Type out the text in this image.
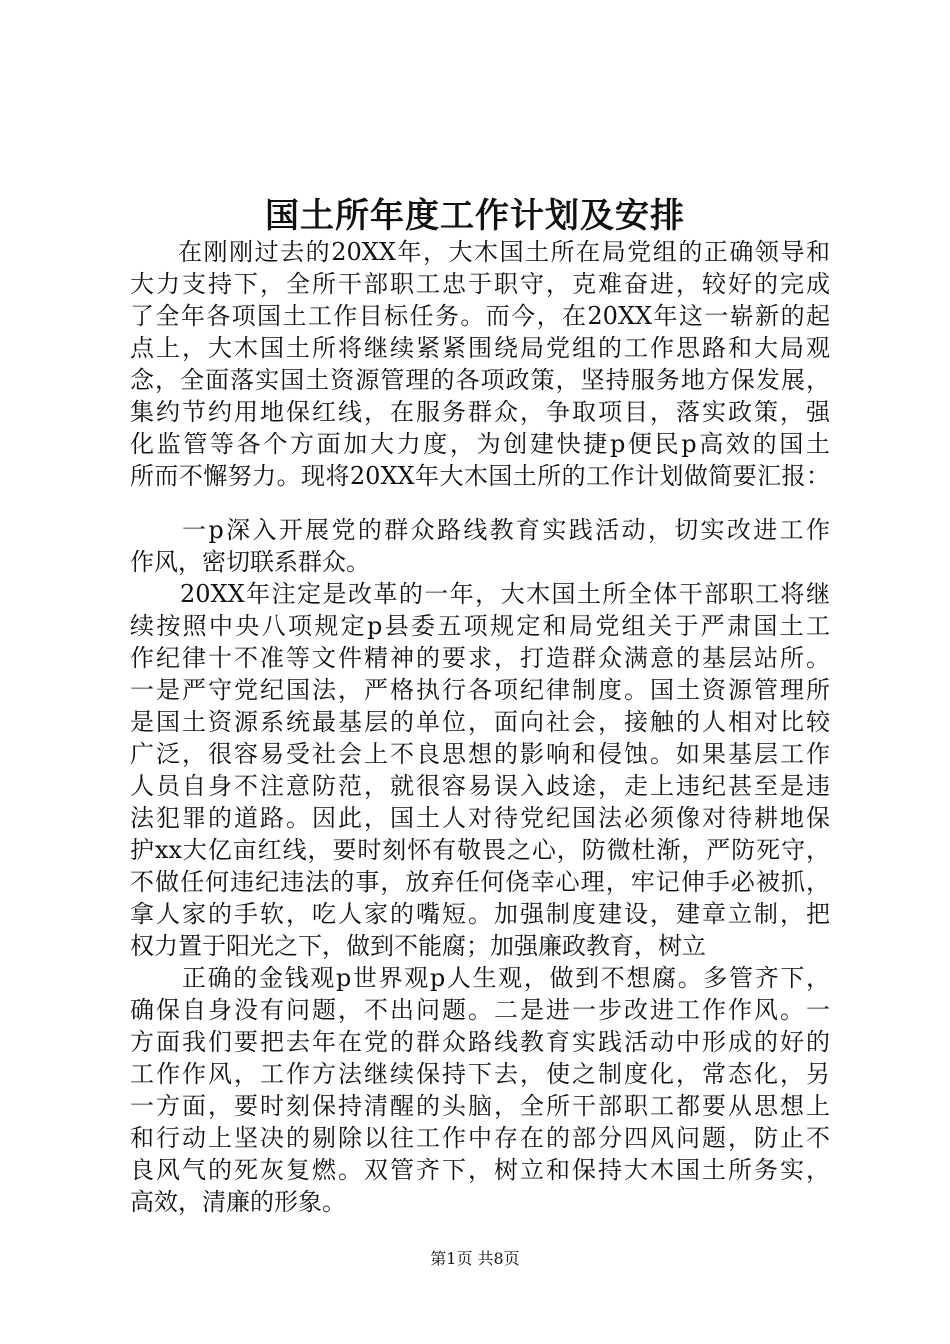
国土所年度工作计划及安排

在刚刚过去的20XX年，大木国土所在局党组的正确领导和

大力支持下，全所干部职工忠于职守，克难奋进，较好的完成

了全年各项国土工作目标任务。而今，在20XX年这一崭新的起

点上，大木国土所将继续紧紧围绕局党组的工作思路和大局观

念，全面落实国土资源管理的各项政策，坚持服务地方保发展，

集约节约用地保红线，在服务群众，争取项目，落实政策，强

化监管等各个方面加大力度，为创建快捷p便民p高效的国土

所而不懈努力。现将20XX年大木国土所的工作计划做简要汇报：

一p深入开展党的群众路线教育实践活动，切实改进工作

作风，密切联系群众。

20XX年注定是改革的一年，大木国土所全体干部职工将继

续按照中央八项规定p县委五项规定和局党组关于严肃国土工

作纪律十不准等文件精神的要求，打造群众满意的基层站所。

一是严守党纪国法，严格执行各项纪律制度。国土资源管理所

是国土资源系统最基层的单位，面向社会，接触的人相对比较

广泛，很容易受社会上不良思想的影响和侵蚀。如果基层工作

人员自身不注意防范，就很容易误入歧途，走上违纪甚至是违

法犯罪的道路。因此，国土人对待党纪国法必须像对待耕地保

护xx大亿亩红线，要时刻怀有敬畏之心，防微杜渐，严防死守，

不做任何违纪违法的事，放弃任何侥幸心理，牢记伸手必被抓，

拿人家的手软，吃人家的嘴短。加强制度建设，建章立制，把

权力置于阳光之下，做到不能腐；加强廉政教育，树立

正确的金钱观p世界观p人生观，做到不想腐。多管齐下，

确保自身没有问题，不出问题。二是进一步改进工作作风。一

方面我们要把去年在党的群众路线教育实践活动中形成的好的

工作作风，工作方法继续保持下去，使之制度化，常态化，另

一方面，要时刻保持清醒的头脑，全所干部职工都要从思想上

和行动上坚决的剔除以往工作中存在的部分四风问题，防止不

良风气的死灰复燃。双管齐下，树立和保持大木国土所务实，

高效，清廉的形象。

第1页 共8页
